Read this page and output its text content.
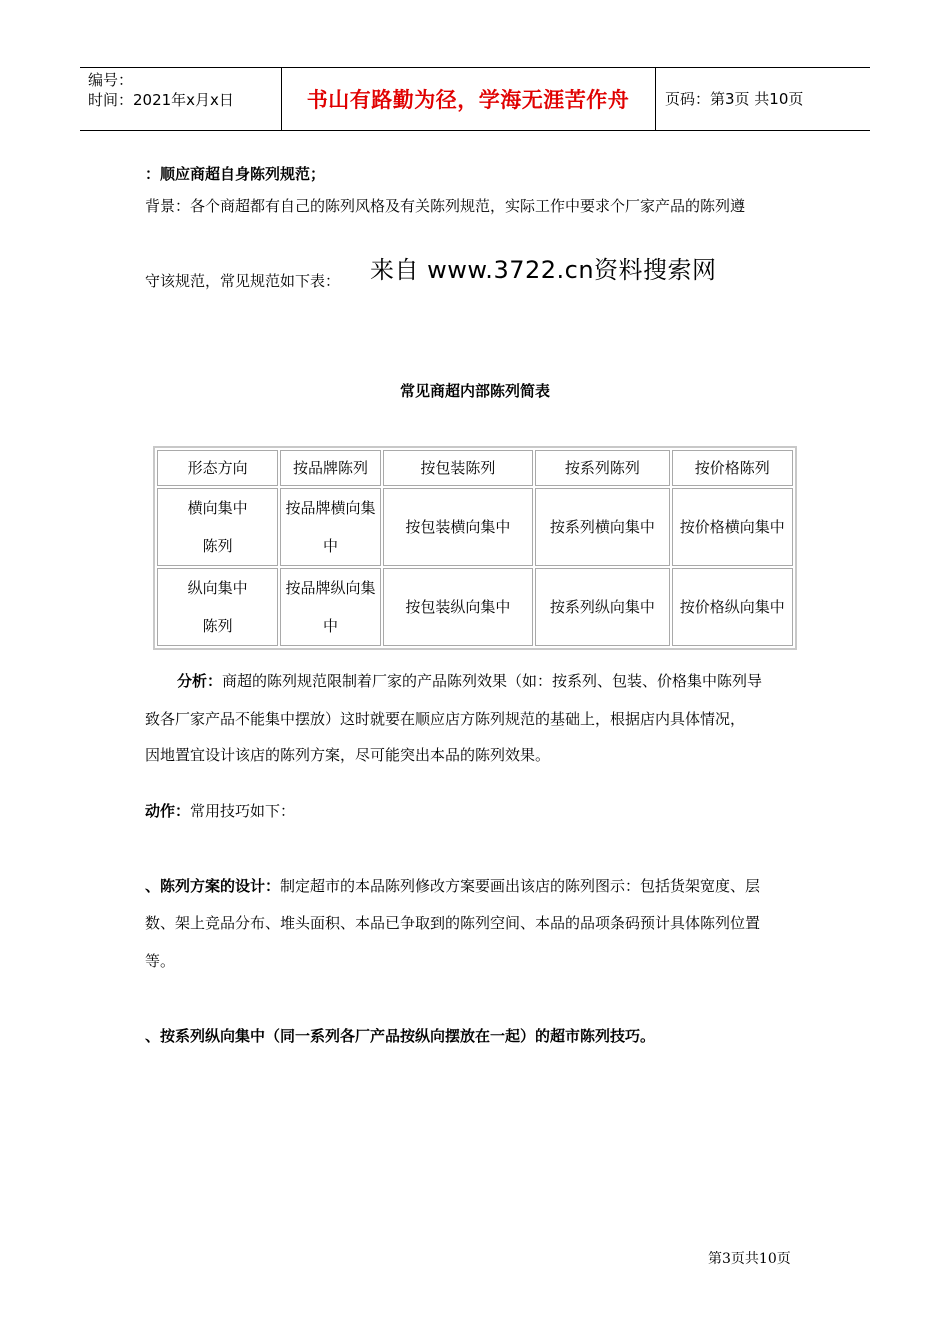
编号：
时间：2021年x月x日	书山有路勤为径，学海无涯苦作舟	页码：第3页 共10页

：顺应商超自身陈列规范；

背景：各个商超都有自己的陈列风格及有关陈列规范，实际工作中要求个厂家产品的陈列遵

守该规范，常见规范如下表：	来自 www.3722.cn资料搜索网
常见商超内部陈列简表
形态方向	按品牌陈列	按包装陈列	按系列陈列	按价格陈列
横向集中陈列	按品牌横向集中	按包装横向集中	按系列横向集中	按价格横向集中
纵向集中陈列	按品牌纵向集中	按包装纵向集中	按系列纵向集中	按价格纵向集中

分析：商超的陈列规范限制着厂家的产品陈列效果（如：按系列、包装、价格集中陈列导

致各厂家产品不能集中摆放）这时就要在顺应店方陈列规范的基础上，根据店内具体情况，

因地置宜设计该店的陈列方案，尽可能突出本品的陈列效果。

动作：常用技巧如下：

、陈列方案的设计：制定超市的本品陈列修改方案要画出该店的陈列图示：包括货架宽度、层

数、架上竞品分布、堆头面积、本品已争取到的陈列空间、本品的品项条码预计具体陈列位置

等。

、按系列纵向集中（同一系列各厂产品按纵向摆放在一起）的超市陈列技巧。

第3页共10页
